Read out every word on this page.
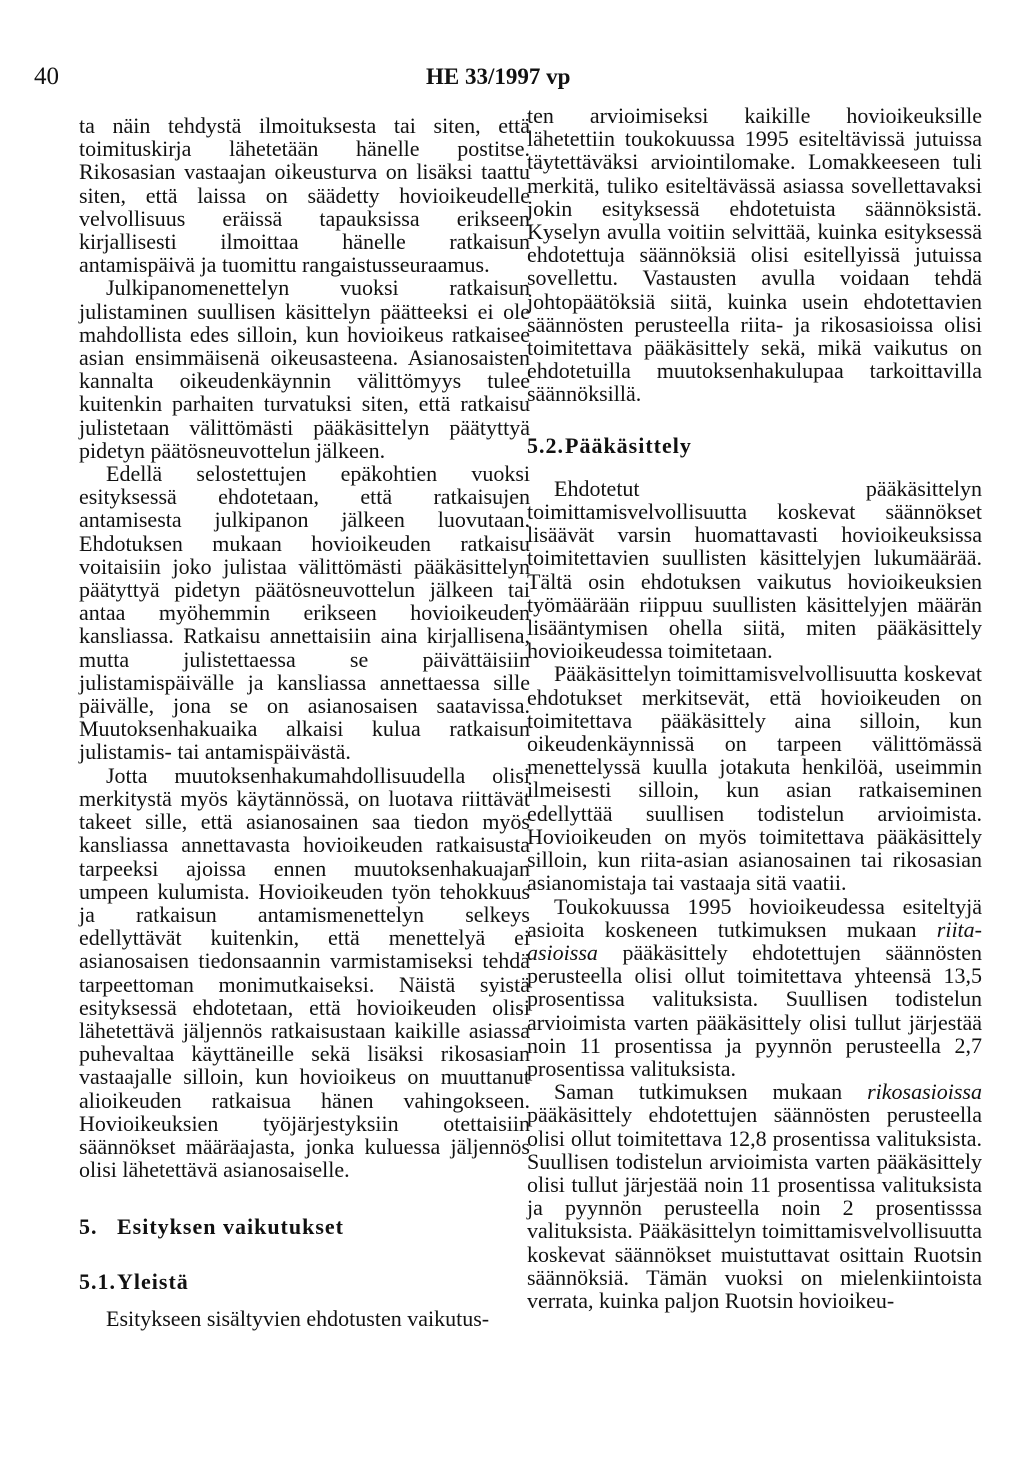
40	HE 33/1997 vp

ta näin tehdystä ilmoituksesta tai siten, että toimituskirja lähetetään hänelle postitse. Rikosasian vastaajan oikeusturva on lisäksi taattu siten, että laissa on säädetty hovioikeudelle velvollisuus eräissä tapauksissa erikseen kirjallisesti ilmoittaa hänelle ratkaisun antamispäivä ja tuomittu rangaistusseuraamus.

Julkipanomenettelyn vuoksi ratkaisun julistaminen suullisen käsittelyn päätteeksi ei ole mahdollista edes silloin, kun hovioikeus ratkaisee asian ensimmäisenä oikeusasteena. Asianosaisten kannalta oikeudenkäynnin välittömyys tulee kuitenkin parhaiten turvatuksi siten, että ratkaisu julistetaan välittömästi pääkäsittelyn päätyttyä pidetyn päätösneuvottelun jälkeen.

Edellä selostettujen epäkohtien vuoksi esityksessä ehdotetaan, että ratkaisujen antamisesta julkipanon jälkeen luovutaan. Ehdotuksen mukaan hovioikeuden ratkaisu voitaisiin joko julistaa välittömästi pääkäsittelyn päätyttyä pidetyn päätösneuvottelun jälkeen tai antaa myöhemmin erikseen hovioikeuden kansliassa. Ratkaisu annettaisiin aina kirjallisena, mutta julistettaessa se päivättäisiin julistamispäivälle ja kansliassa annettaessa sille päivälle, jona se on asianosaisen saatavissa. Muutoksenhakuaika alkaisi kulua ratkaisun julistamis- tai antamispäivästä.

Jotta muutoksenhakumahdollisuudella olisi merkitystä myös käytännössä, on luotava riittävät takeet sille, että asianosainen saa tiedon myös kansliassa annettavasta hovioikeuden ratkaisusta tarpeeksi ajoissa ennen muutoksenhakuajan umpeen kulumista. Hovioikeuden työn tehokkuus ja ratkaisun antamismenettelyn selkeys edellyttävät kuitenkin, että menettelyä ei asianosaisen tiedonsaannin varmistamiseksi tehdä tarpeettoman monimutkaiseksi. Näistä syistä esityksessä ehdotetaan, että hovioikeuden olisi lähetettävä jäljennös ratkaisustaan kaikille asiassa puhevaltaa käyttäneille sekä lisäksi rikosasian vastaajalle silloin, kun hovioikeus on muuttanut alioikeuden ratkaisua hänen vahingokseen. Hovioikeuksien työjärjestyksiin otettaisiin säännökset määräajasta, jonka kuluessa jäljennös olisi lähetettävä asianosaiselle.

5. Esityksen vaikutukset
5.1.Yleistä

Esitykseen sisältyvien ehdotusten vaikutus-

ten arvioimiseksi kaikille hovioikeuksille lähetettiin toukokuussa 1995 esiteltävissä jutuissa täytettäväksi arviointilomake. Lomakkeeseen tuli merkitä, tuliko esiteltävässä asiassa sovellettavaksi jokin esityksessä ehdotetuista säännöksistä. Kyselyn avulla voitiin selvittää, kuinka esityksessä ehdotettuja säännöksiä olisi esitellyissä jutuissa sovellettu. Vastausten avulla voidaan tehdä johtopäätöksiä siitä, kuinka usein ehdotettavien säännösten perusteella riita- ja rikosasioissa olisi toimitettava pääkäsittely sekä, mikä vaikutus on ehdotetuilla muutoksenhakulupaa tarkoittavilla säännöksillä.

5.2.Pääkäsittely

Ehdotetut pääkäsittelyn toimittamisvelvollisuutta koskevat säännökset lisäävät varsin huomattavasti hovioikeuksissa toimitettavien suullisten käsittelyjen lukumäärää. Tältä osin ehdotuksen vaikutus hovioikeuksien työmäärään riippuu suullisten käsittelyjen määrän lisääntymisen ohella siitä, miten pääkäsittely hovioikeudessa toimitetaan.

Pääkäsittelyn toimittamisvelvollisuutta koskevat ehdotukset merkitsevät, että hovioikeuden on toimitettava pääkäsittely aina silloin, kun oikeudenkäynnissä on tarpeen välittömässä menettelyssä kuulla jotakuta henkilöä, useimmin ilmeisesti silloin, kun asian ratkaiseminen edellyttää suullisen todistelun arvioimista. Hovioikeuden on myös toimitettava pääkäsittely silloin, kun riita-asian asianosainen tai rikosasian asianomistaja tai vastaaja sitä vaatii.

Toukokuussa 1995 hovioikeudessa esiteltyjä asioita koskeneen tutkimuksen mukaan riita-asioissa pääkäsittely ehdotettujen säännösten perusteella olisi ollut toimitettava yhteensä 13,5 prosentissa valituksista. Suullisen todistelun arvioimista varten pääkäsittely olisi tullut järjestää noin 11 prosentissa ja pyynnön perusteella 2,7 prosentissa valituksista.

Saman tutkimuksen mukaan rikosasioissa pääkäsittely ehdotettujen säännösten perusteella olisi ollut toimitettava 12,8 prosentissa valituksista. Suullisen todistelun arvioimista varten pääkäsittely olisi tullut järjestää noin 11 prosentissa valituksista ja pyynnön perusteella noin 2 prosentisssa valituksista. Pääkäsittelyn toimittamisvelvollisuutta koskevat säännökset muistuttavat osittain Ruotsin säännöksiä. Tämän vuoksi on mielenkiintoista verrata, kuinka paljon Ruotsin hovioikeu-
